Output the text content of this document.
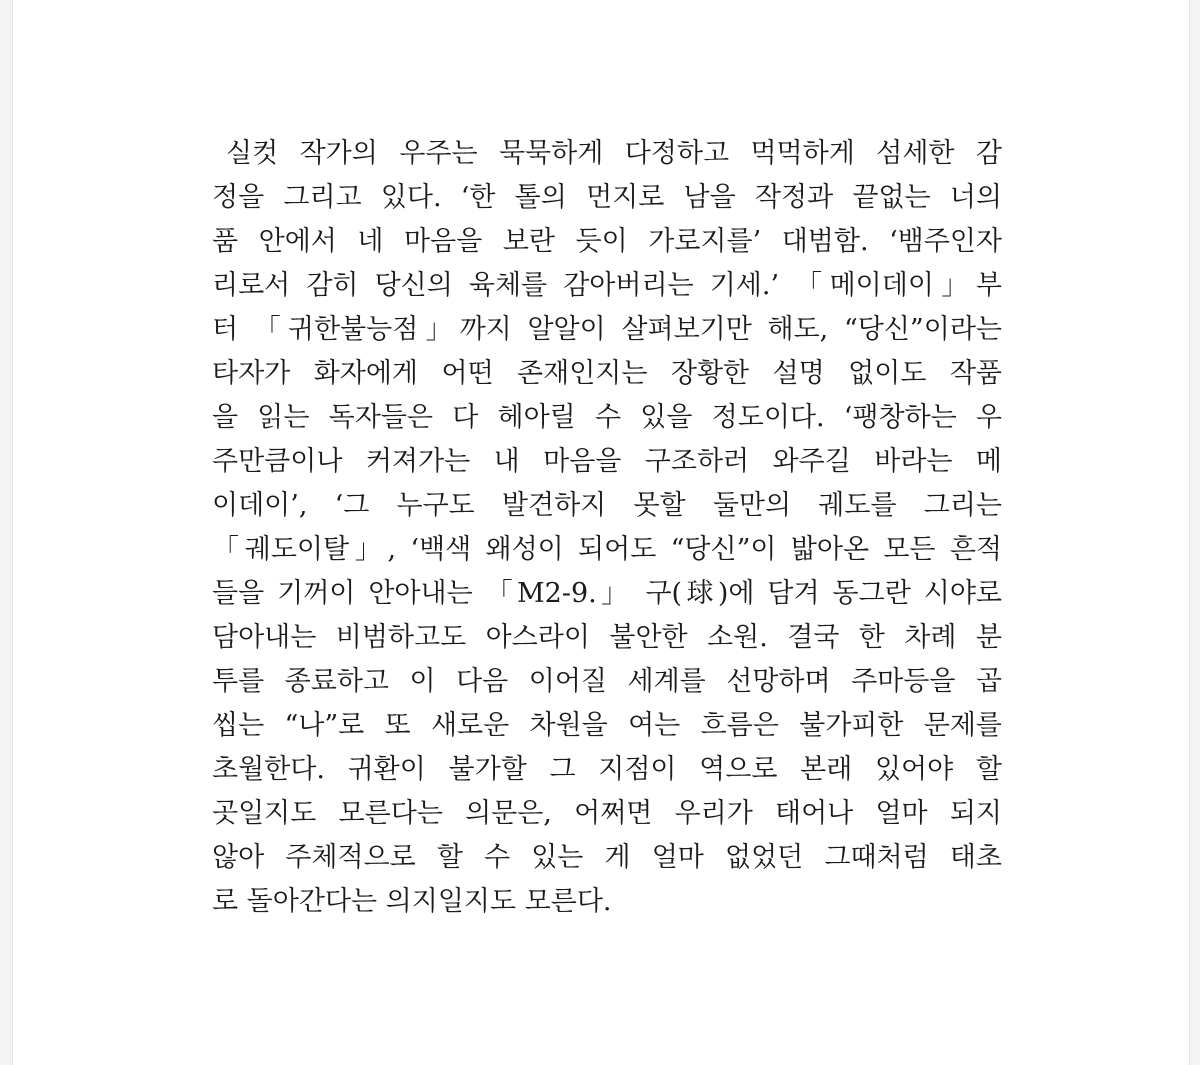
실컷 작가의 우주는 묵묵하게 다정하고 먹먹하게 섬세한 감
정을 그리고 있다. ‘한 톨의 먼지로 남을 작정과 끝없는 너의
품 안에서 네 마음을 보란 듯이 가로지를’ 대범함. ‘뱀주인자
리로서 감히 당신의 육체를 감아버리는 기세.’ 「메이데이」부
터 「귀한불능점」까지 알알이 살펴보기만 해도, “당신”이라는
타자가 화자에게 어떤 존재인지는 장황한 설명 없이도 작품
을 읽는 독자들은 다 헤아릴 수 있을 정도이다. ‘팽창하는 우
주만큼이나 커져가는 내 마음을 구조하러 와주길 바라는 메
이데이’, ‘그 누구도 발견하지 못할 둘만의 궤도를 그리는
「궤도이탈」, ‘백색 왜성이 되어도 “당신”이 밟아온 모든 흔적
들을 기꺼이 안아내는 「M2-9.」 구(球)에 담겨 동그란 시야로
담아내는 비범하고도 아스라이 불안한 소원. 결국 한 차례 분
투를 종료하고 이 다음 이어질 세계를 선망하며 주마등을 곱
씹는 “나”로 또 새로운 차원을 여는 흐름은 불가피한 문제를
초월한다. 귀환이 불가할 그 지점이 역으로 본래 있어야 할
곳일지도 모른다는 의문은, 어쩌면 우리가 태어나 얼마 되지
않아 주체적으로 할 수 있는 게 얼마 없었던 그때처럼 태초
로 돌아간다는 의지일지도 모른다.
